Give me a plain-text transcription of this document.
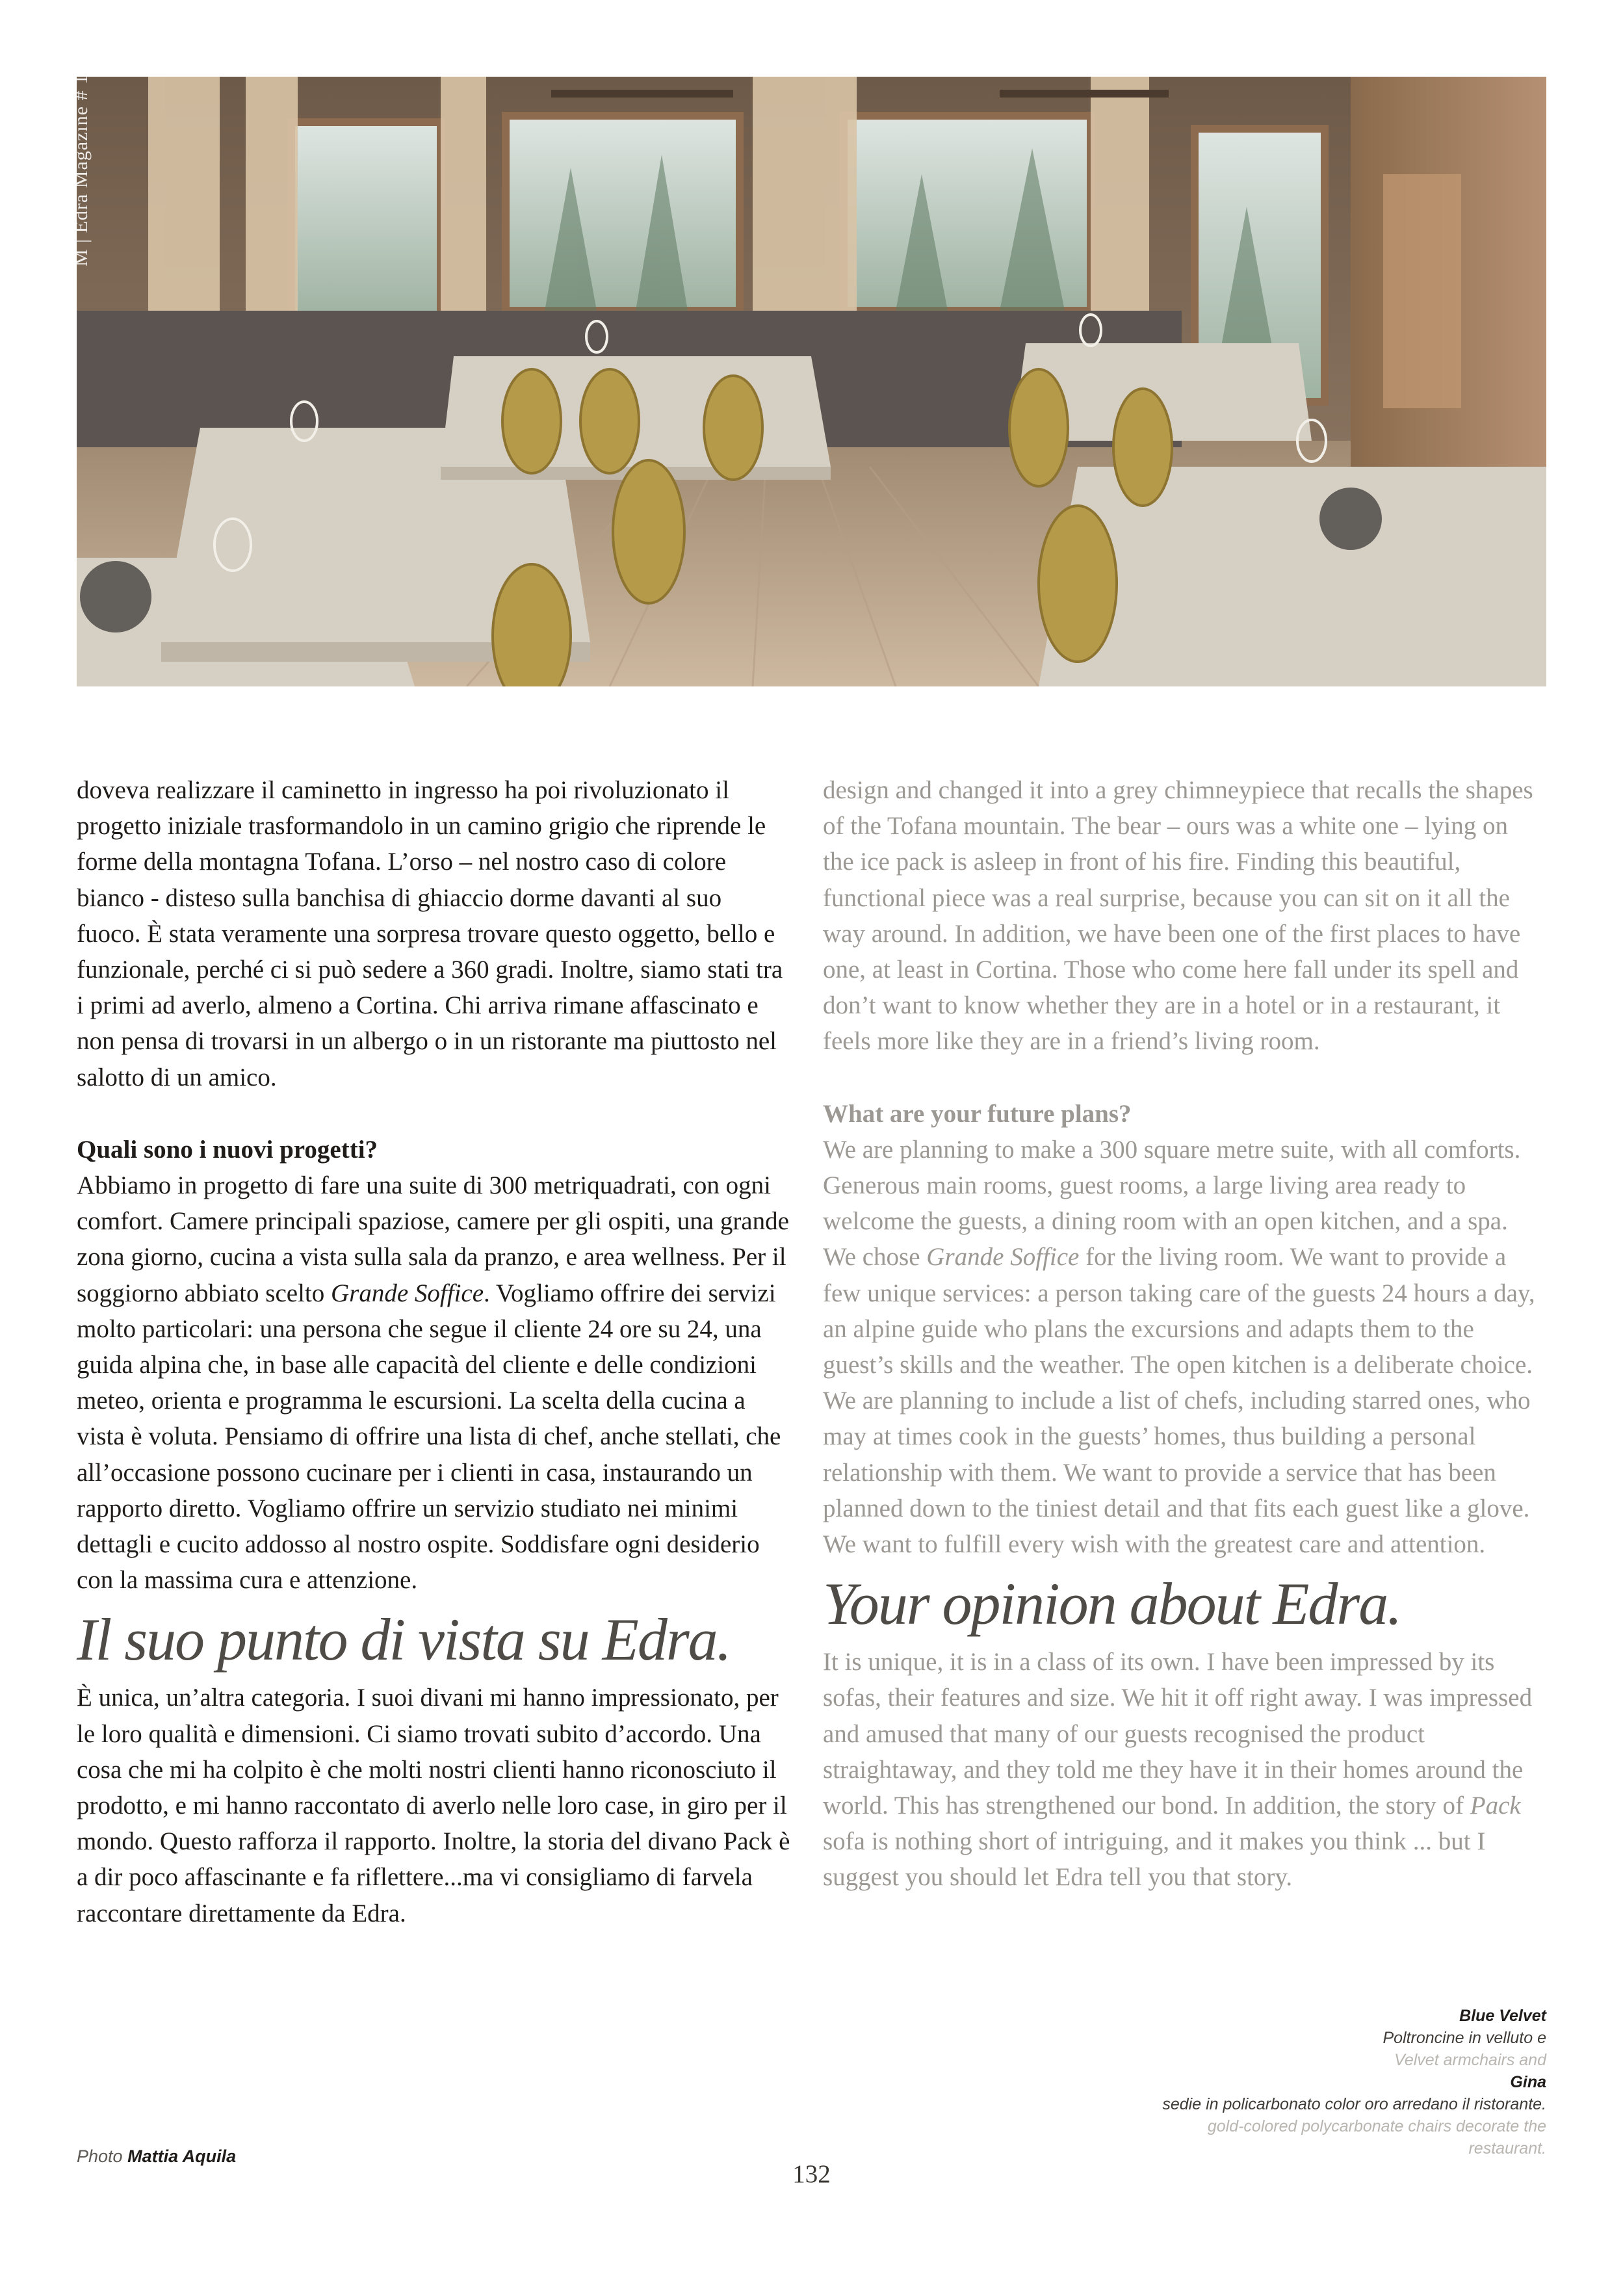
M | Edra Magazine # 10

doveva realizzare il caminetto in ingresso ha poi rivoluzionato il progetto iniziale trasformandolo in un camino grigio che riprende le forme della montagna Tofana. L’orso – nel nostro caso di colore bianco - disteso sulla banchisa di ghiaccio dorme davanti al suo fuoco. È stata veramente una sorpresa trovare questo oggetto, bello e funzionale, perché ci si può sedere a 360 gradi. Inoltre, siamo stati tra i primi ad averlo, almeno a Cortina. Chi arriva rimane affascinato e non pensa di trovarsi in un albergo o in un ristorante ma piuttosto nel salotto di un amico.

Quali sono i nuovi progetti?
Abbiamo in progetto di fare una suite di 300 metriquadrati, con ogni comfort. Camere principali spaziose, camere per gli ospiti, una grande zona giorno, cucina a vista sulla sala da pranzo, e area wellness. Per il soggiorno abbiato scelto Grande Soffice. Vogliamo offrire dei servizi molto particolari: una persona che segue il cliente 24 ore su 24, una guida alpina che, in base alle capacità del cliente e delle condizioni meteo, orienta e programma le escursioni. La scelta della cucina a vista è voluta. Pensiamo di offrire una lista di chef, anche stellati, che all’occasione possono cucinare per i clienti in casa, instaurando un rapporto diretto. Vogliamo offrire un servizio studiato nei minimi dettagli e cucito addosso al nostro ospite. Soddisfare ogni desiderio con la massima cura e attenzione.

Il suo punto di vista su Edra.

È unica, un’altra categoria. I suoi divani mi hanno impressionato, per le loro qualità e dimensioni. Ci siamo trovati subito d’accordo. Una cosa che mi ha colpito è che molti nostri clienti hanno riconosciuto il prodotto, e mi hanno raccontato di averlo nelle loro case, in giro per il mondo. Questo rafforza il rapporto. Inoltre, la storia del divano Pack è a dir poco affascinante e fa riflettere...ma vi consigliamo di farvela raccontare direttamente da Edra.

design and changed it into a grey chimneypiece that recalls the shapes of the Tofana mountain. The bear – ours was a white one – lying on the ice pack is asleep in front of his fire. Finding this beautiful, functional piece was a real surprise, because you can sit on it all the way around. In addition, we have been one of the first places to have one, at least in Cortina. Those who come here fall under its spell and don’t want to know whether they are in a hotel or in a restaurant, it feels more like they are in a friend’s living room.

What are your future plans?
We are planning to make a 300 square metre suite, with all comforts. Generous main rooms, guest rooms, a large living area ready to welcome the guests, a dining room with an open kitchen, and a spa. We chose Grande Soffice for the living room. We want to provide a few unique services: a person taking care of the guests 24 hours a day, an alpine guide who plans the excursions and adapts them to the guest’s skills and the weather. The open kitchen is a deliberate choice. We are planning to include a list of chefs, including starred ones, who may at times cook in the guests’ homes, thus building a personal relationship with them. We want to provide a service that has been planned down to the tiniest detail and that fits each guest like a glove. We want to fulfill every wish with the greatest care and attention.

Your opinion about Edra.

It is unique, it is in a class of its own. I have been impressed by its sofas, their features and size. We hit it off right away. I was impressed and amused that many of our guests recognised the product straightaway, and they told me they have it in their homes around the world. This has strengthened our bond. In addition, the story of Pack sofa is nothing short of intriguing, and it makes you think ... but I suggest you should let Edra tell you that story.

Blue Velvet
Poltroncine in velluto e
Velvet armchairs and
Gina
sedie in policarbonato color oro arredano il ristorante.
gold-colored polycarbonate chairs decorate the restaurant.
Photo Mattia Aquila
132
